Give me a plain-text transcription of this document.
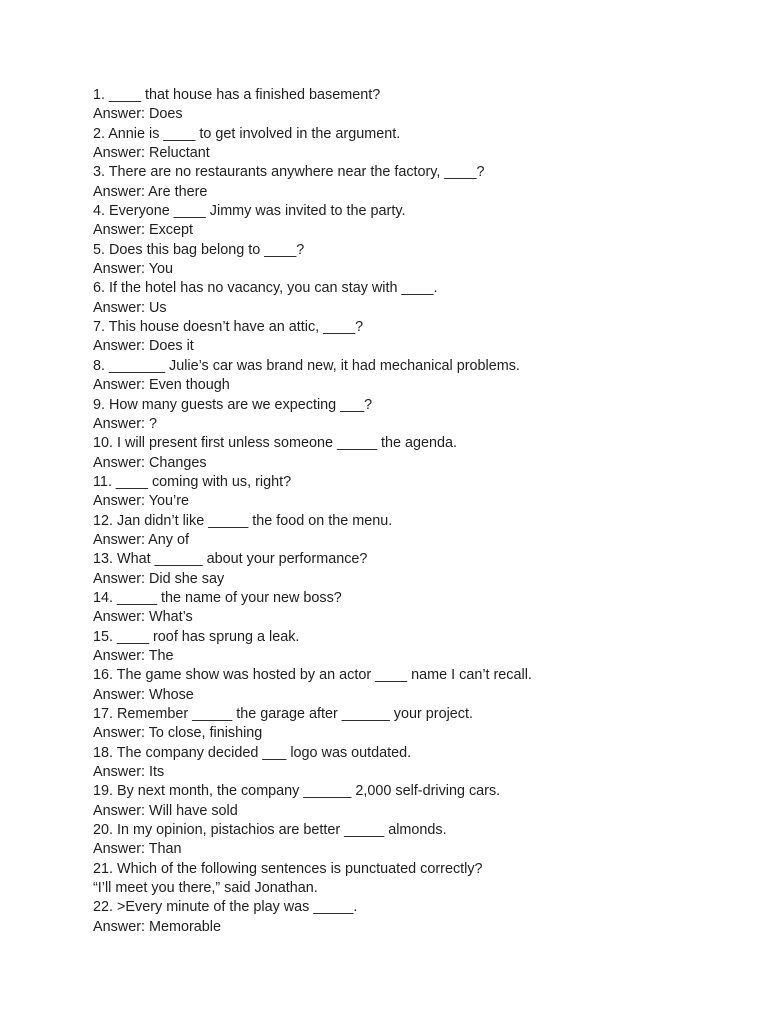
1. ____ that house has a finished basement?
Answer: Does
2. Annie is ____ to get involved in the argument.
Answer: Reluctant
3. There are no restaurants anywhere near the factory, ____?
Answer: Are there
4. Everyone ____ Jimmy was invited to the party.
Answer: Except
5. Does this bag belong to ____?
Answer: You
6. If the hotel has no vacancy, you can stay with ____.
Answer: Us
7. This house doesn’t have an attic, ____?
Answer: Does it
8. _______ Julie’s car was brand new, it had mechanical problems.
Answer: Even though
9. How many guests are we expecting ___?
Answer: ?
10. I will present first unless someone _____ the agenda.
Answer: Changes
11. ____ coming with us, right?
Answer: You’re
12. Jan didn’t like _____ the food on the menu.
Answer: Any of
13. What ______ about your performance?
Answer: Did she say
14. _____ the name of your new boss?
Answer: What’s
15. ____ roof has sprung a leak.
Answer: The
16. The game show was hosted by an actor ____ name I can’t recall.
Answer: Whose
17. Remember _____ the garage after ______ your project.
Answer: To close, finishing
18. The company decided ___ logo was outdated.
Answer: Its
19. By next month, the company ______ 2,000 self-driving cars.
Answer: Will have sold
20. In my opinion, pistachios are better _____ almonds.
Answer: Than
21. Which of the following sentences is punctuated correctly?
“I’ll meet you there,” said Jonathan.
22. >Every minute of the play was _____.
Answer: Memorable
